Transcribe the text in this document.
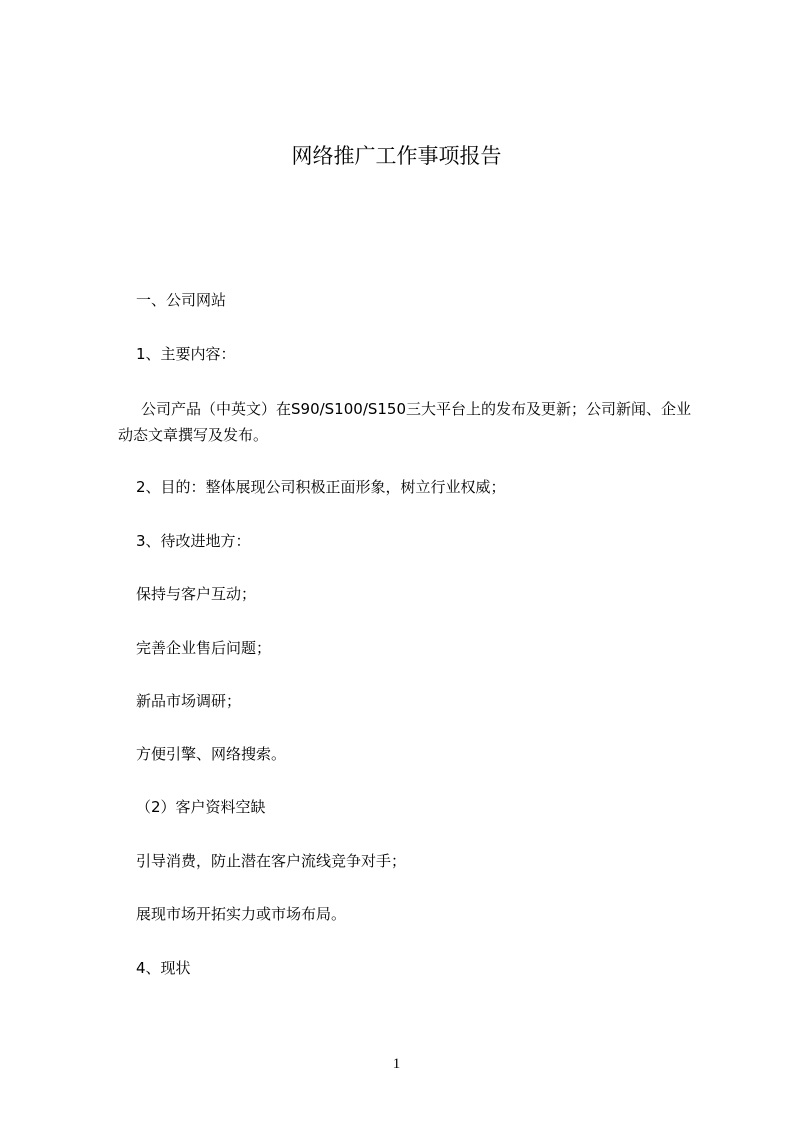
网络推广工作事项报告
一、公司网站
1、主要内容：
公司产品（中英文）在S90/S100/S150三大平台上的发布及更新；公司新闻、企业动态文章撰写及发布。
2、目的：整体展现公司积极正面形象，树立行业权威；
3、待改进地方：
保持与客户互动；
完善企业售后问题；
新品市场调研；
方便引擎、网络搜索。
（2）客户资料空缺
引导消费，防止潜在客户流线竞争对手；
展现市场开拓实力或市场布局。
4、现状
1
